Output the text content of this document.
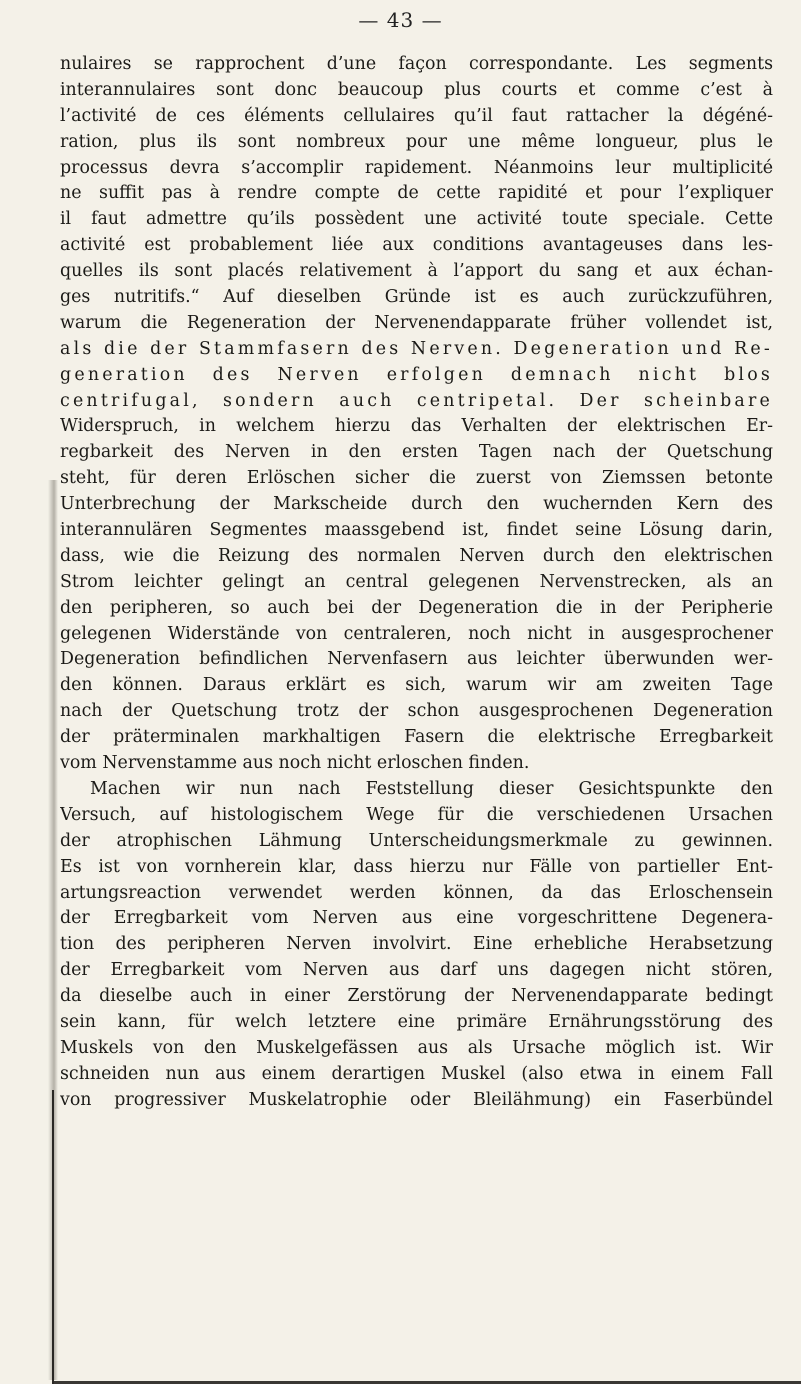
— 43 —
nulaires se rapprochent d’une façon correspondante. Les segments
interannulaires sont donc beaucoup plus courts et comme c’est à
l’activité de ces éléments cellulaires qu’il faut rattacher la dégéné-
ration, plus ils sont nombreux pour une même longueur, plus le
processus devra s’accomplir rapidement. Néanmoins leur multiplicité
ne suffit pas à rendre compte de cette rapidité et pour l’expliquer
il faut admettre qu’ils possèdent une activité toute speciale. Cette
activité est probablement liée aux conditions avantageuses dans les-
quelles ils sont placés relativement à l’apport du sang et aux échan-
ges nutritifs.“ Auf dieselben Gründe ist es auch zurückzuführen,
warum die Regeneration der Nervenendapparate früher vollendet ist,
als die der Stammfasern des Nerven. Degeneration und Re-
generation des Nerven erfolgen demnach nicht blos
centrifugal, sondern auch centripetal. Der scheinbare
Widerspruch, in welchem hierzu das Verhalten der elektrischen Er-
regbarkeit des Nerven in den ersten Tagen nach der Quetschung
steht, für deren Erlöschen sicher die zuerst von Ziemssen betonte
Unterbrechung der Markscheide durch den wuchernden Kern des
interannulären Segmentes maassgebend ist, findet seine Lösung darin,
dass, wie die Reizung des normalen Nerven durch den elektrischen
Strom leichter gelingt an central gelegenen Nervenstrecken, als an
den peripheren, so auch bei der Degeneration die in der Peripherie
gelegenen Widerstände von centraleren, noch nicht in ausgesprochener
Degeneration befindlichen Nervenfasern aus leichter überwunden wer-
den können. Daraus erklärt es sich, warum wir am zweiten Tage
nach der Quetschung trotz der schon ausgesprochenen Degeneration
der präterminalen markhaltigen Fasern die elektrische Erregbarkeit
vom Nervenstamme aus noch nicht erloschen finden.
Machen wir nun nach Feststellung dieser Gesichtspunkte den
Versuch, auf histologischem Wege für die verschiedenen Ursachen
der atrophischen Lähmung Unterscheidungsmerkmale zu gewinnen.
Es ist von vornherein klar, dass hierzu nur Fälle von partieller Ent-
artungsreaction verwendet werden können, da das Erloschensein
der Erregbarkeit vom Nerven aus eine vorgeschrittene Degenera-
tion des peripheren Nerven involvirt. Eine erhebliche Herabsetzung
der Erregbarkeit vom Nerven aus darf uns dagegen nicht stören,
da dieselbe auch in einer Zerstörung der Nervenendapparate bedingt
sein kann, für welch letztere eine primäre Ernährungsstörung des
Muskels von den Muskelgefässen aus als Ursache möglich ist. Wir
schneiden nun aus einem derartigen Muskel (also etwa in einem Fall
von progressiver Muskelatrophie oder Bleilähmung) ein Faserbündel
